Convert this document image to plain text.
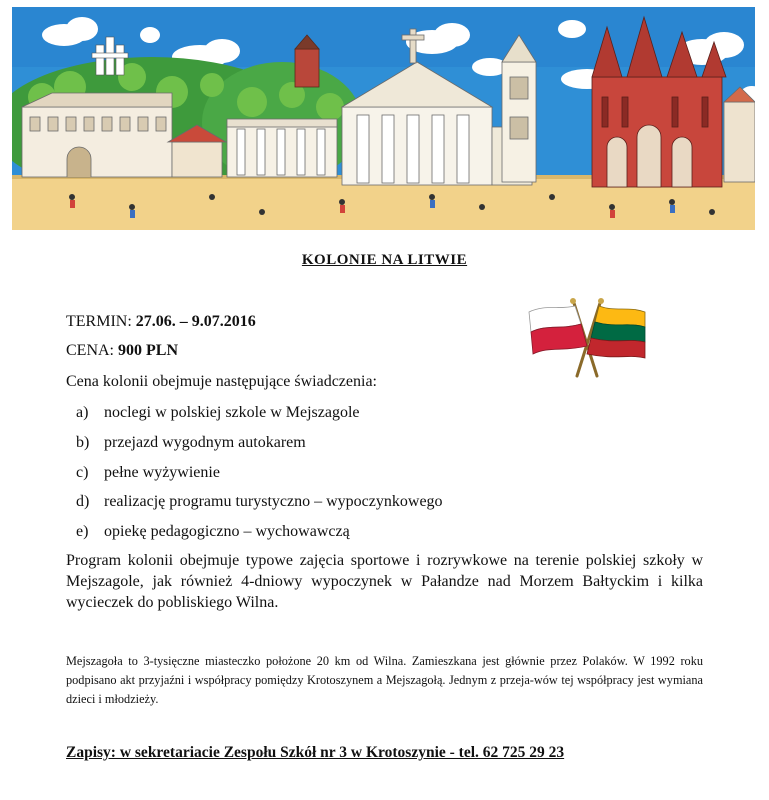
KOLONIE NA LITWIE
TERMIN: 27.06. – 9.07.2016
CENA: 900 PLN
Cena kolonii obejmuje następujące świadczenia:
a) noclegi w polskiej szkole w Mejszagole
b) przejazd wygodnym autokarem
c) pełne wyżywienie
d) realizację programu turystyczno – wypoczynkowego
e) opiekę pedagogiczno – wychowawczą
Program kolonii obejmuje typowe zajęcia sportowe i rozrywkowe na terenie polskiej szkoły w Mejszagole, jak również 4-dniowy wypoczynek w Pałandze nad Morzem Bałtyckim i kilka wycieczek do pobliskiego Wilna.
Mejszagoła to 3-tysięczne miasteczko położone 20 km od Wilna. Zamieszkana jest głównie przez Polaków. W 1992 roku podpisano akt przyjaźni i współpracy pomiędzy Krotoszynem a Mejszagołą. Jednym z przeja-wów tej współpracy jest wymiana dzieci i młodzieży.
Zapisy: w sekretariacie Zespołu Szkół nr 3 w Krotoszynie - tel. 62 725 29 23
